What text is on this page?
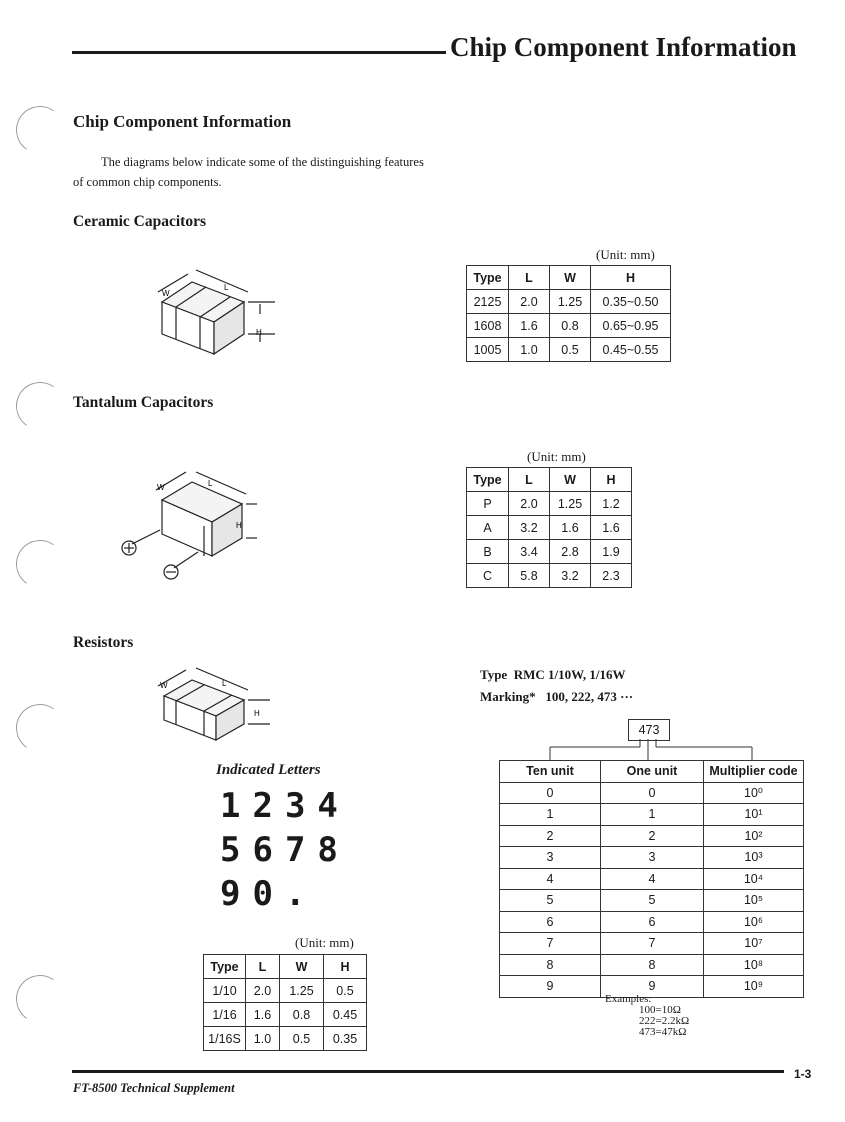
Chip Component Information
Chip Component Information
The diagrams below indicate some of the distinguishing features of common chip components.
Ceramic Capacitors
W
L
H
(Unit: mm)
Type	L	W	H
2125	2.0	1.25	0.35~0.50
1608	1.6	0.8	0.65~0.95
1005	1.0	0.5	0.45~0.55
Tantalum Capacitors
W	L
H
(Unit: mm)
Type	L	W	H
P	2.0	1.25	1.2
A	3.2	1.6	1.6
B	3.4	2.8	1.9
C	5.8	3.2	2.3
Resistors
W	L
H
Indicated Letters
1234
5678
90.
(Unit: mm)
Type	L	W	H
1/10	2.0	1.25	0.5
1/16	1.6	0.8	0.45
1/16S	1.0	0.5	0.35
Type RMC 1/10W, 1/16W
Marking* 100, 222, 473 ···
473
Ten unit	One unit	Multiplier code
0	0	10⁰
1	1	10¹
2	2	10²
3	3	10³
4	4	10⁴
5	5	10⁵
6	6	10⁶
7	7	10⁷
8	8	10⁸
9	9	10⁹
Examples:
100=10Ω
222=2.2kΩ
473=47kΩ
1-3
FT-8500 Technical Supplement
